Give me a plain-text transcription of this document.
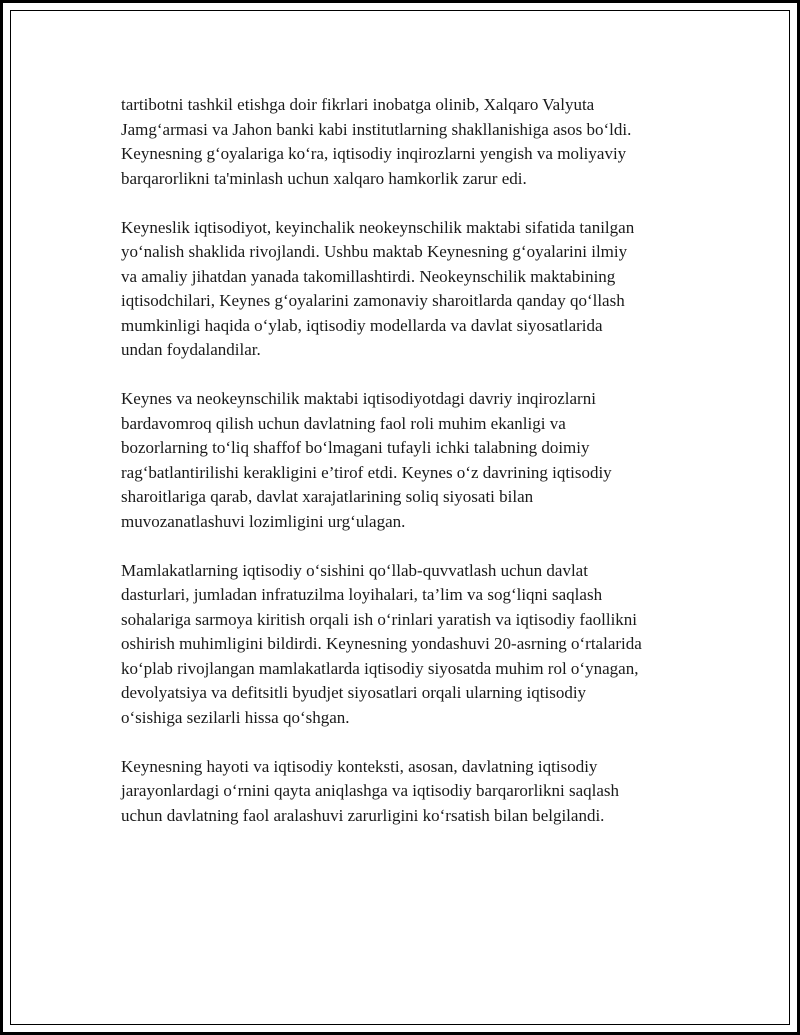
tartibotni tashkil etishga doir fikrlari inobatga olinib, Xalqaro Valyuta
Jamg‘armasi va Jahon banki kabi institutlarning shakllanishiga asos bo‘ldi.
Keynesning g‘oyalariga ko‘ra, iqtisodiy inqirozlarni yengish va moliyaviy
barqarorlikni ta'minlash uchun xalqaro hamkorlik zarur edi.

Keyneslik iqtisodiyot, keyinchalik neokeynschilik maktabi sifatida tanilgan
yo‘nalish shaklida rivojlandi. Ushbu maktab Keynesning g‘oyalarini ilmiy
va amaliy jihatdan yanada takomillashtirdi. Neokeynschilik maktabining
iqtisodchilari, Keynes g‘oyalarini zamonaviy sharoitlarda qanday qo‘llash
mumkinligi haqida o‘ylab, iqtisodiy modellarda va davlat siyosatlarida
undan foydalandilar.

Keynes va neokeynschilik maktabi iqtisodiyotdagi davriy inqirozlarni
bardavomroq qilish uchun davlatning faol roli muhim ekanligi va
bozorlarning to‘liq shaffof bo‘lmagani tufayli ichki talabning doimiy
rag‘batlantirilishi kerakligini e’tirof etdi. Keynes o‘z davrining iqtisodiy
sharoitlariga qarab, davlat xarajatlarining soliq siyosati bilan
muvozanatlashuvi lozimligini urg‘ulagan.

Mamlakatlarning iqtisodiy o‘sishini qo‘llab-quvvatlash uchun davlat
dasturlari, jumladan infratuzilma loyihalari, ta’lim va sog‘liqni saqlash
sohalariga sarmoya kiritish orqali ish o‘rinlari yaratish va iqtisodiy faollikni
oshirish muhimligini bildirdi. Keynesning yondashuvi 20-asrning o‘rtalarida
ko‘plab rivojlangan mamlakatlarda iqtisodiy siyosatda muhim rol o‘ynagan,
devolyatsiya va defitsitli byudjet siyosatlari orqali ularning iqtisodiy
o‘sishiga sezilarli hissa qo‘shgan.

Keynesning hayoti va iqtisodiy konteksti, asosan, davlatning iqtisodiy
jarayonlardagi o‘rnini qayta aniqlashga va iqtisodiy barqarorlikni saqlash
uchun davlatning faol aralashuvi zarurligini ko‘rsatish bilan belgilandi.
